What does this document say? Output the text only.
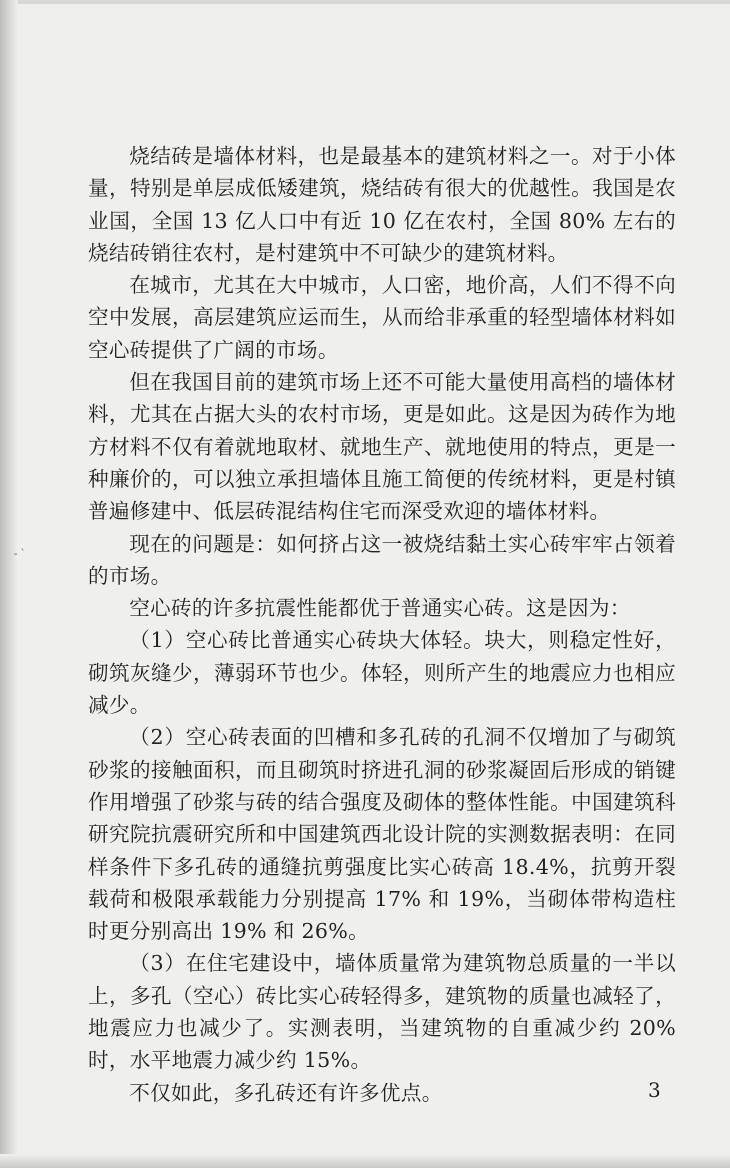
- ˋ

烧结砖是墙体材料，也是最基本的建筑材料之一。对于小体量，特别是单层成低矮建筑，烧结砖有很大的优越性。我国是农业国，全国 13 亿人口中有近 10 亿在农村，全国 80% 左右的烧结砖销往农村，是村建筑中不可缺少的建筑材料。

在城市，尤其在大中城市，人口密，地价高，人们不得不向空中发展，高层建筑应运而生，从而给非承重的轻型墙体材料如空心砖提供了广阔的市场。

但在我国目前的建筑市场上还不可能大量使用高档的墙体材料，尤其在占据大头的农村市场，更是如此。这是因为砖作为地方材料不仅有着就地取材、就地生产、就地使用的特点，更是一种廉价的，可以独立承担墙体且施工简便的传统材料，更是村镇普遍修建中、低层砖混结构住宅而深受欢迎的墙体材料。

现在的问题是：如何挤占这一被烧结黏土实心砖牢牢占领着的市场。

空心砖的许多抗震性能都优于普通实心砖。这是因为：

（1）空心砖比普通实心砖块大体轻。块大，则稳定性好，砌筑灰缝少，薄弱环节也少。体轻，则所产生的地震应力也相应减少。

（2）空心砖表面的凹槽和多孔砖的孔洞不仅增加了与砌筑砂浆的接触面积，而且砌筑时挤进孔洞的砂浆凝固后形成的销键作用增强了砂浆与砖的结合强度及砌体的整体性能。中国建筑科研究院抗震研究所和中国建筑西北设计院的实测数据表明：在同样条件下多孔砖的通缝抗剪强度比实心砖高 18.4%，抗剪开裂载荷和极限承载能力分别提高 17% 和 19%，当砌体带构造柱时更分别高出 19% 和 26%。

（3）在住宅建设中，墙体质量常为建筑物总质量的一半以上，多孔（空心）砖比实心砖轻得多，建筑物的质量也减轻了，地震应力也减少了。实测表明，当建筑物的自重减少约 20% 时，水平地震力减少约 15%。

不仅如此，多孔砖还有许多优点。	3
